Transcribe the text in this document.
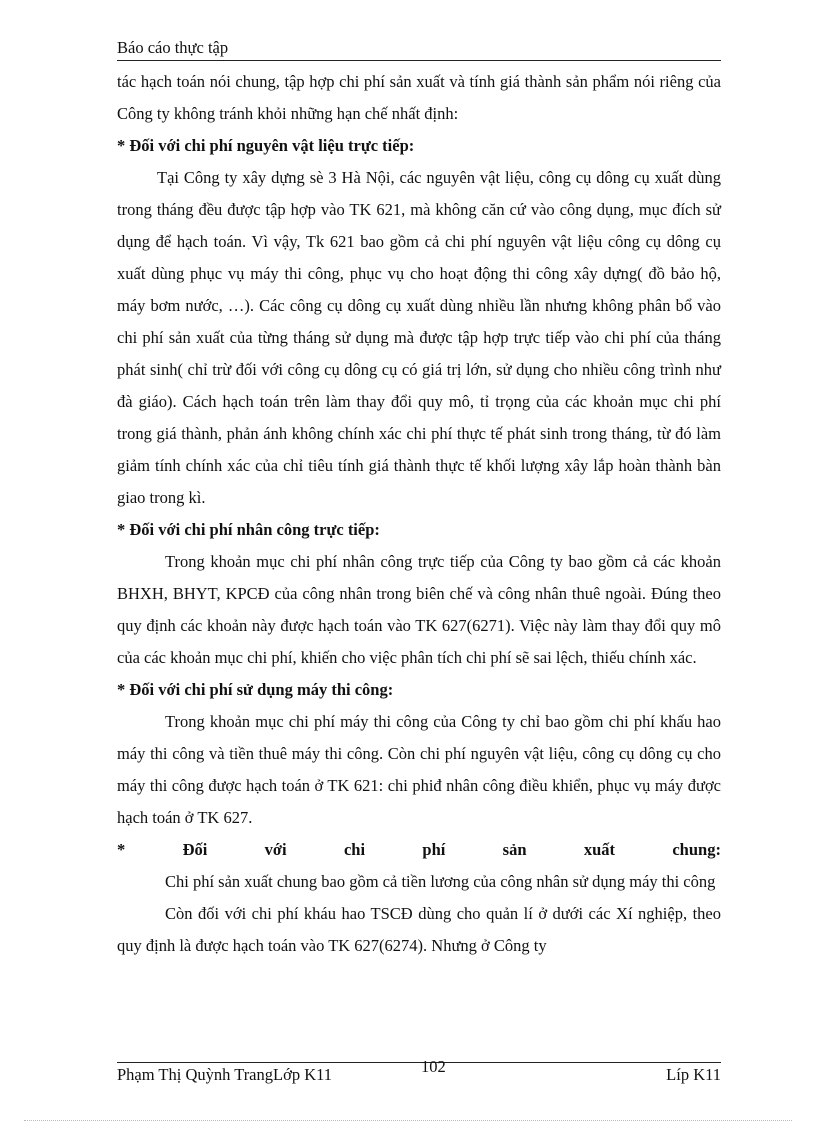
Báo cáo thực tập

tác hạch toán nói chung, tập hợp chi phí sản xuất và tính giá thành sản phẩm nói riêng của Công ty không tránh khỏi những hạn chế nhất định:

* Đối với chi phí nguyên vật liệu trực tiếp:

Tại Công ty xây dựng sè 3 Hà Nội, các nguyên vật liệu, công cụ dông cụ xuất dùng trong tháng đều được tập hợp vào TK 621, mà không căn cứ vào công dụng, mục đích sử dụng để hạch toán. Vì vậy, Tk 621 bao gồm cả chi phí nguyên vật liệu công cụ dông cụ xuất dùng phục vụ máy thi công, phục vụ cho hoạt động thi công xây dựng( đồ bảo hộ, máy bơm nước, …). Các công cụ dông cụ xuất dùng nhiều lần nhưng không phân bổ vào chi phí sản xuất của từng tháng sử dụng mà được tập hợp trực tiếp vào chi phí của tháng phát sinh( chỉ trừ đối với công cụ dông cụ có giá trị lớn, sử dụng cho nhiều công trình như đà giáo). Cách hạch toán trên làm thay đổi quy mô, tỉ trọng của các khoản mục chi phí trong giá thành, phản ánh không chính xác chi phí thực tế phát sinh trong tháng, từ đó làm giảm tính chính xác của chỉ tiêu tính giá thành thực tế khối lượng xây lắp hoàn thành bàn giao trong kì.

* Đối với chi phí nhân công trực tiếp:

Trong khoản mục chi phí nhân công trực tiếp của Công ty bao gồm cả các khoản BHXH, BHYT, KPCĐ của công nhân trong biên chế và công nhân thuê ngoài. Đúng theo quy định các khoản này được hạch toán vào TK 627(6271). Việc này làm thay đổi quy mô của các khoản mục chi phí, khiến cho việc phân tích chi phí sẽ sai lệch, thiếu chính xác.

* Đối với chi phí sử dụng máy thi công:

Trong khoản mục chi phí máy thi công của Công ty chỉ bao gồm chi phí khấu hao máy thi công và tiền thuê máy thi công. Còn chi phí nguyên vật liệu, công cụ dông cụ cho máy thi công được hạch toán ở TK 621: chi phiđ nhân công điều khiển, phục vụ máy được hạch toán ở TK 627.

*	Đối	với	chi	phí	sản	xuất	chung:

Chi phí sản xuất chung bao gồm cả tiền lương của công nhân sử dụng máy thi công

Còn đối với chi phí kháu hao TSCĐ dùng cho quản lí ở dưới các Xí nghiệp, theo quy định là được hạch toán vào TK 627(6274). Nhưng ở Công ty

Phạm Thị Quỳnh TrangLớp K11	102	Líp K11
